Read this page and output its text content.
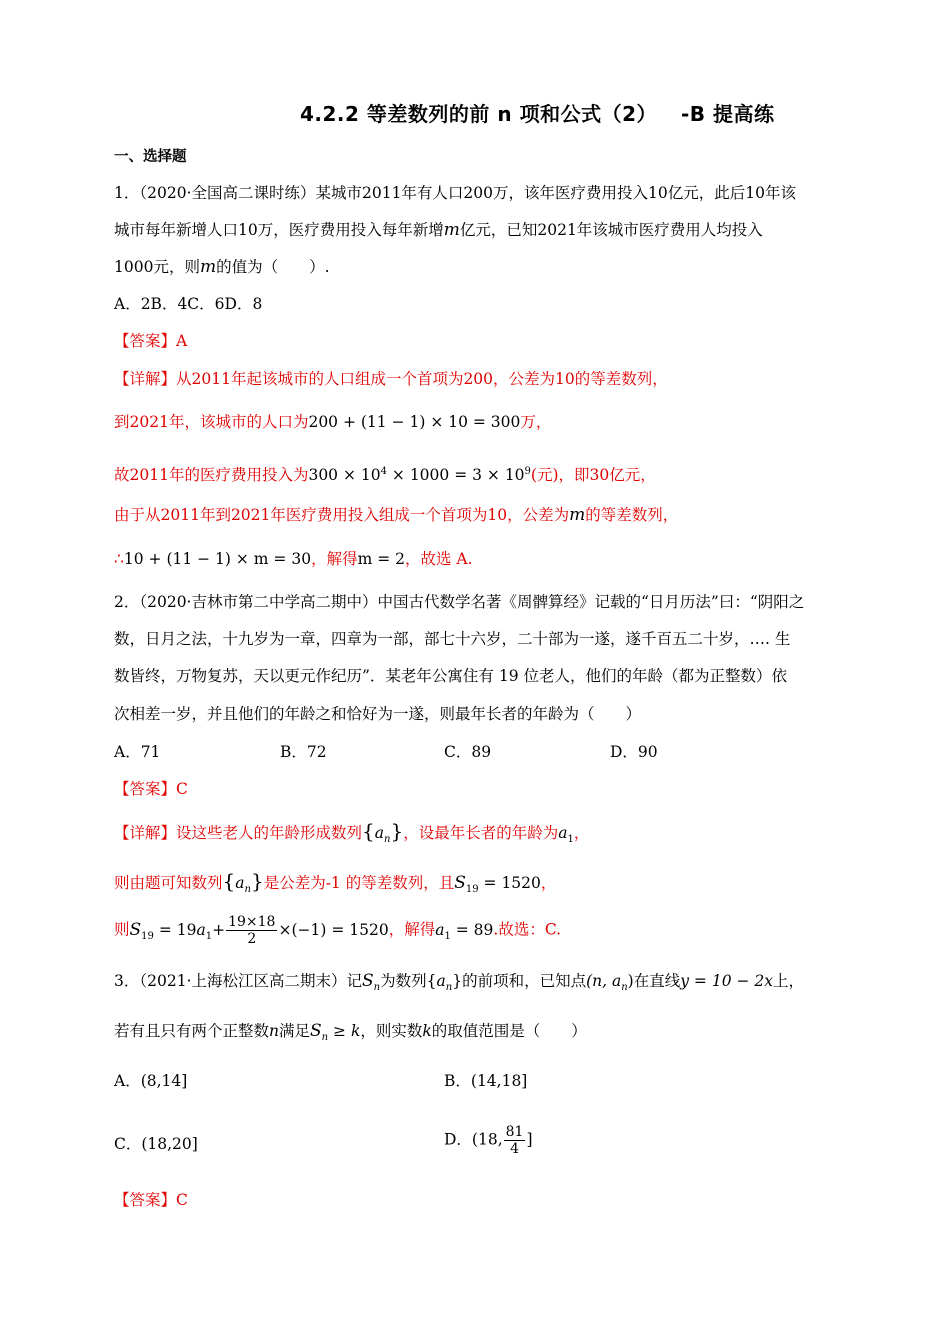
4.2.2 等差数列的前 n 项和公式（2） -B 提高练
一、选择题
1．（2020·全国高二课时练）某城市2011年有人口200万，该年医疗费用投入10亿元，此后10年该
城市每年新增人口10万，医疗费用投入每年新增m亿元，已知2021年该城市医疗费用人均投入
1000元，则m的值为（　　）.
A．2B．4C．6D．8
【答案】A
【详解】从2011年起该城市的人口组成一个首项为200，公差为10的等差数列，
到2021年，该城市的人口为200 + (11 − 1) × 10 = 300万，
故2011年的医疗费用投入为$300 \times 10^4 \times 1000 = 3 \times 10^9$(元)，即30亿元，
由于从2011年到2021年医疗费用投入组成一个首项为10，公差为m的等差数列，
∴10 + (11 − 1) × m = 30，解得m = 2，故选 A.
2．（2020·吉林市第二中学高二期中）中国古代数学名著《周髀算经》记载的“日月历法”曰：“阴阳之
数，日月之法，十九岁为一章，四章为一部，部七十六岁，二十部为一遂，遂千百五二十岁，…. 生
数皆终，万物复苏，天以更元作纪历”．某老年公寓住有 19 位老人，他们的年龄（都为正整数）依
次相差一岁，并且他们的年龄之和恰好为一遂，则最年长者的年龄为（　　）
A．71	B．72	C．89	D．90
【答案】C
【详解】设这些老人的年龄形成数列$\{a_n\}$，设最年长者的年龄为$a_1$，
则由题可知数列$\{a_n\}$是公差为-1 的等差数列，且$S_{19} = 1520$，
则$S_{19} = 19a_1+ \frac{19\times 18}{2} \times(-1) = 1520$，解得$a_1 = 89$.故选：C.
3．（2021·上海松江区高二期末）记$S_n$为数列$\{a_n\}$的前项和，已知点(n, $a_n$)在直线y = 10 − 2x上，
若有且只有两个正整数n满足$S_n \ge k$，则实数k的取值范围是（　　）
A．(8,14]	B．(14,18]
C．(18,20]	D．(18, $\frac{81}{4}$ ]
【答案】C
